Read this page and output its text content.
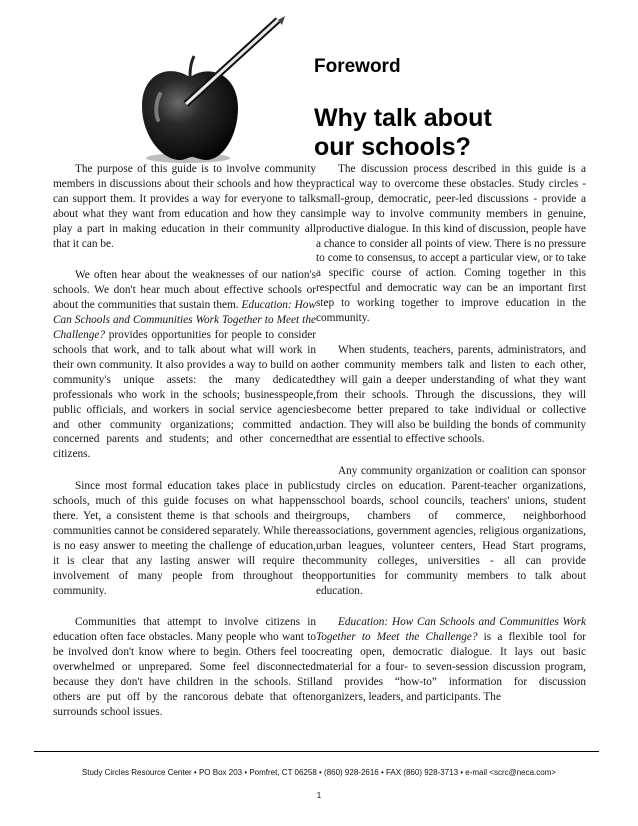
Foreword

Why talk about
our schools?

The purpose of this guide is to involve community members in discussions about their schools and how they can support them. It provides a way for everyone to talk about what they want from education and how they can play a part in making education in their community all that it can be.

We often hear about the weaknesses of our nation's schools. We don't hear much about effective schools or about the communities that sustain them. Education: How Can Schools and Communities Work Together to Meet the Challenge? provides opportunities for people to consider schools that work, and to talk about what will work in their own community. It also provides a way to build on a community's unique assets: the many dedicated professionals who work in the schools; businesspeople, public officials, and workers in social service agencies and other community organizations; committed and concerned parents and students; and other concerned citizens.

Since most formal education takes place in public schools, much of this guide focuses on what happens there. Yet, a consistent theme is that schools and their communities cannot be considered separately. While there is no easy answer to meeting the challenge of education, it is clear that any lasting answer will require the involvement of many people from throughout the community.

Communities that attempt to involve citizens in education often face obstacles. Many people who want to be involved don't know where to begin. Others feel too overwhelmed or unprepared. Some feel disconnected because they don't have children in the schools. Still others are put off by the rancorous debate that often surrounds school issues.

The discussion process described in this guide is a practical way to overcome these obstacles. Study circles - small-group, democratic, peer-led discussions - provide a simple way to involve community members in genuine, productive dialogue. In this kind of discussion, people have a chance to consider all points of view. There is no pressure to come to consensus, to accept a particular view, or to take a specific course of action. Coming together in this respectful and democratic way can be an important first step to working together to improve education in the community.

When students, teachers, parents, administrators, and other community members talk and listen to each other, they will gain a deeper understanding of what they want from their schools. Through the discussions, they will become better prepared to take individual or collective action. They will also be building the bonds of community that are essential to effective schools.

Any community organization or coalition can sponsor study circles on education. Parent-teacher organizations, school boards, school councils, teachers' unions, student groups, chambers of commerce, neighborhood associations, government agencies, religious organizations, urban leagues, volunteer centers, Head Start programs, community colleges, universities - all can provide opportunities for community members to talk about education.

Education: How Can Schools and Communities Work Together to Meet the Challenge? is a flexible tool for creating open, democratic dialogue. It lays out basic material for a four- to seven-session discussion program, and provides “how-to” information for discussion organizers, leaders, and participants. The

Study Circles Resource Center • PO Box 203 • Pomfret, CT 06258 • (860) 928-2616 • FAX (860) 928-3713 • e-mail <scrc@neca.com>
1
